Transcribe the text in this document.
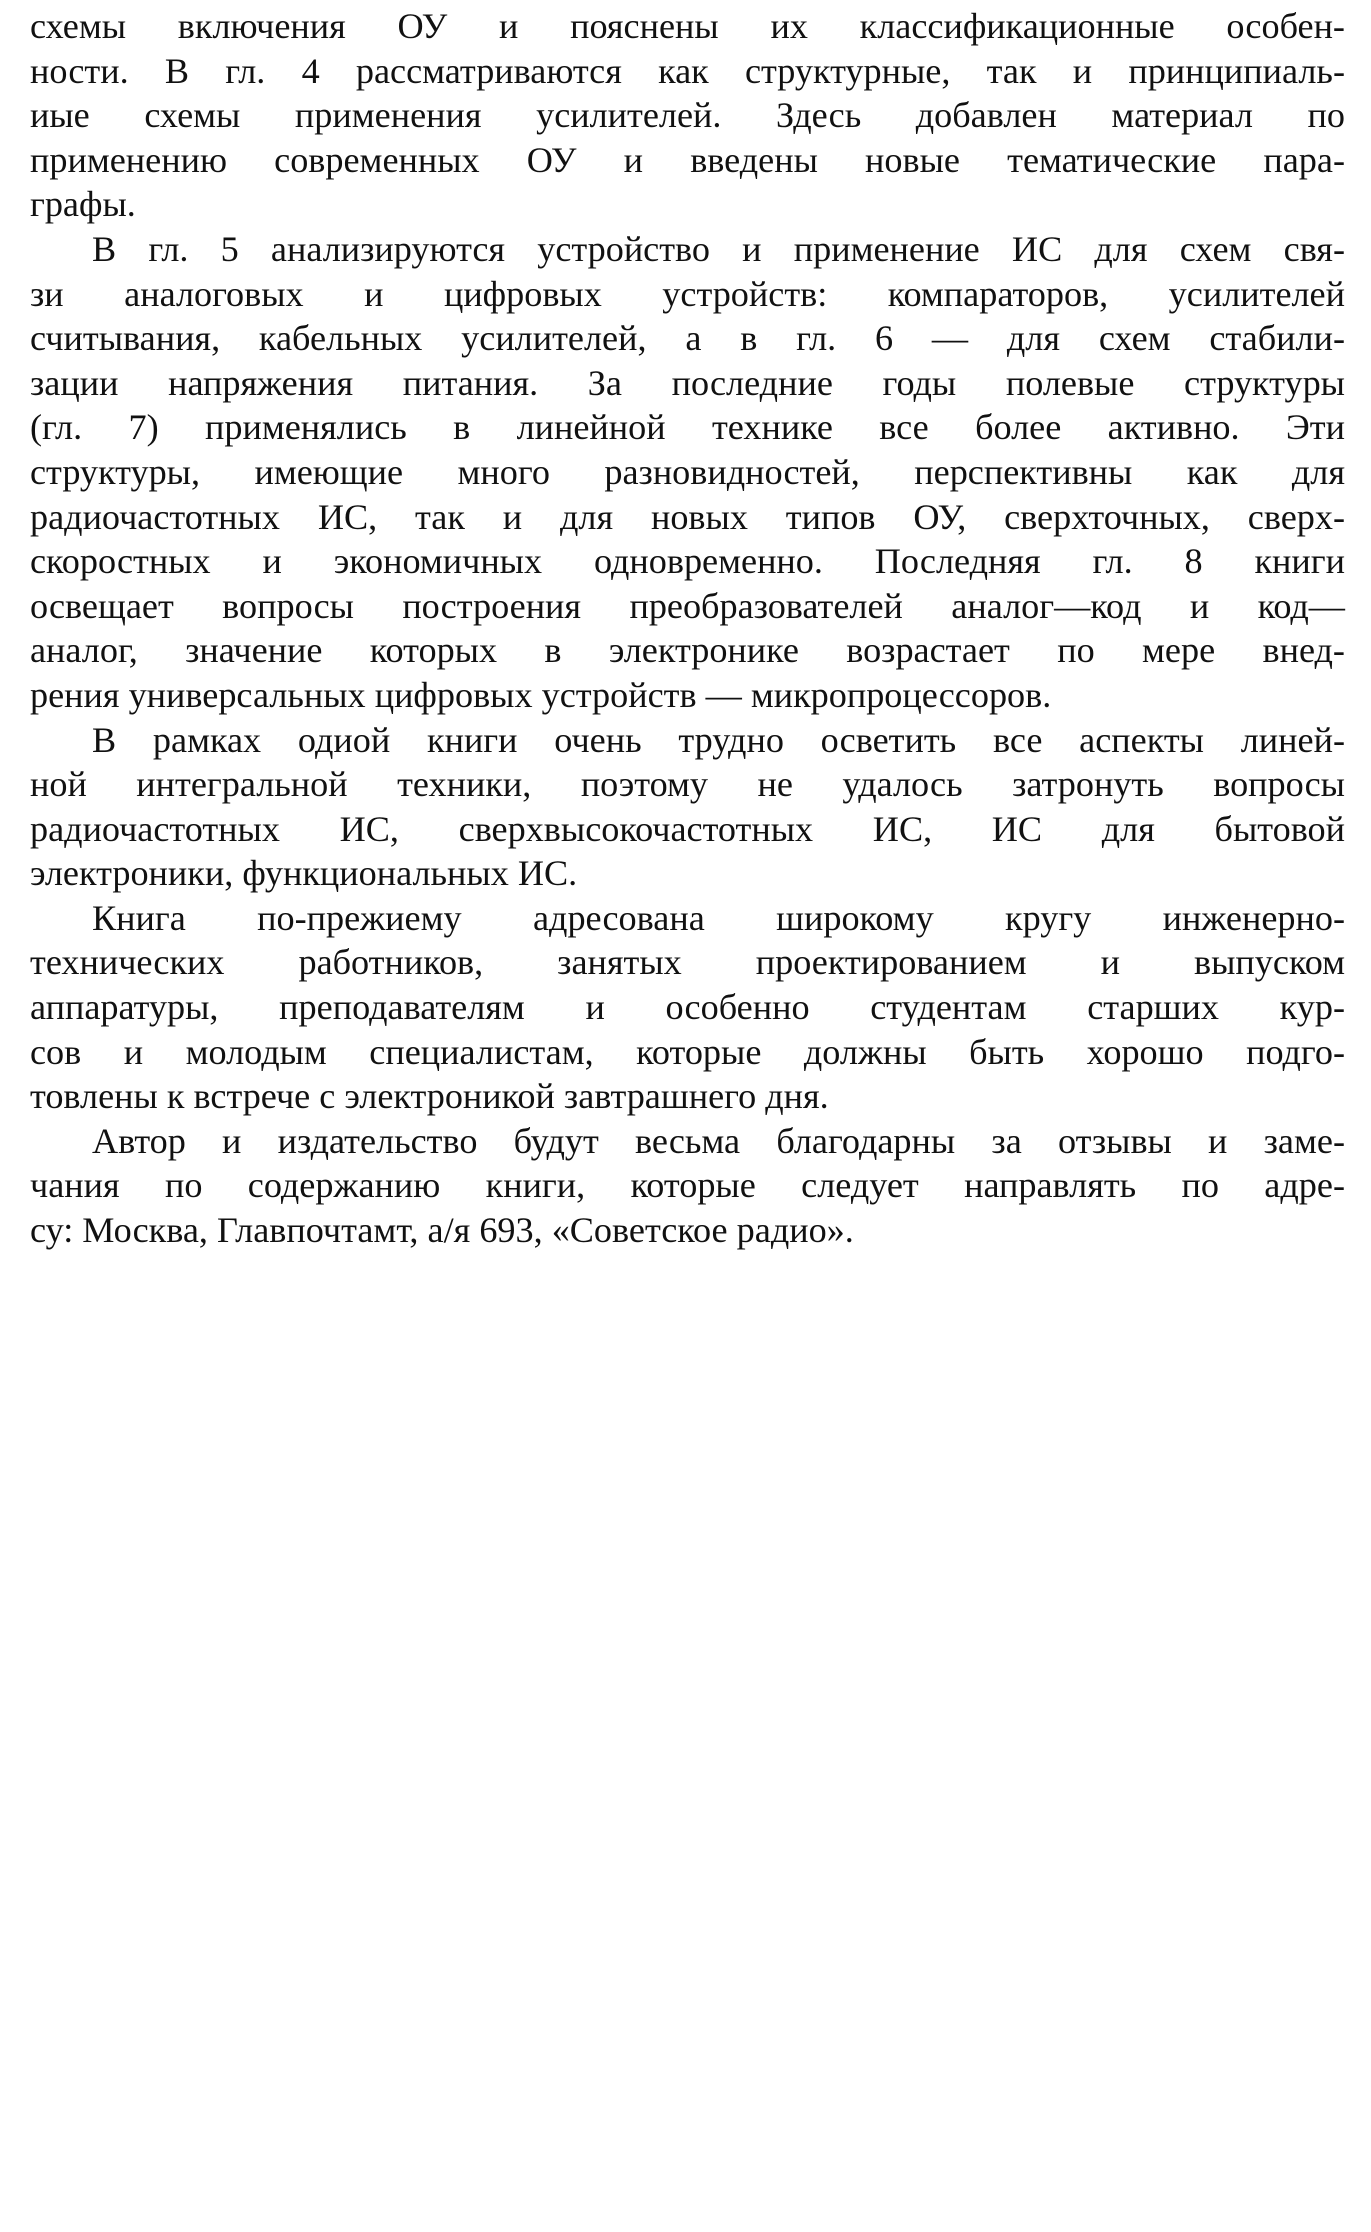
схемы включения ОУ и пояснены их классификационные особен-
ности. В гл. 4 рассматриваются как структурные, так и принципиаль-
иые схемы применения усилителей. Здесь добавлен материал по
применению современных ОУ и введены новые тематические пара-
графы.
В гл. 5 анализируются устройство и применение ИС для схем свя-
зи аналоговых и цифровых устройств: компараторов, усилителей
считывания, кабельных усилителей, а в гл. 6 — для схем стабили-
зации напряжения питания. За последние годы полевые структуры
(гл. 7) применялись в линейной технике все более активно. Эти
структуры, имеющие много разновидностей, перспективны как для
радиочастотных ИС, так и для новых типов ОУ, сверхточных, сверх-
скоростных и экономичных одновременно. Последняя гл. 8 книги
освещает вопросы построения преобразователей аналог—код и код—
аналог, значение которых в электронике возрастает по мере внед-
рения универсальных цифровых устройств — микропроцессоров.
В рамках одиой книги очень трудно осветить все аспекты линей-
ной интегральной техники, поэтому не удалось затронуть вопросы
радиочастотных ИС, сверхвысокочастотных ИС, ИС для бытовой
электроники, функциональных ИС.
Книга по-прежиему адресована широкому кругу инженерно-
технических работников, занятых проектированием и выпуском
аппаратуры, преподавателям и особенно студентам старших кур-
сов и молодым специалистам, которые должны быть хорошо подго-
товлены к встрече с электроникой завтрашнего дня.
Автор и издательство будут весьма благодарны за отзывы и заме-
чания по содержанию книги, которые следует направлять по адре-
су: Москва, Главпочтамт, а/я 693, «Советское радио».
